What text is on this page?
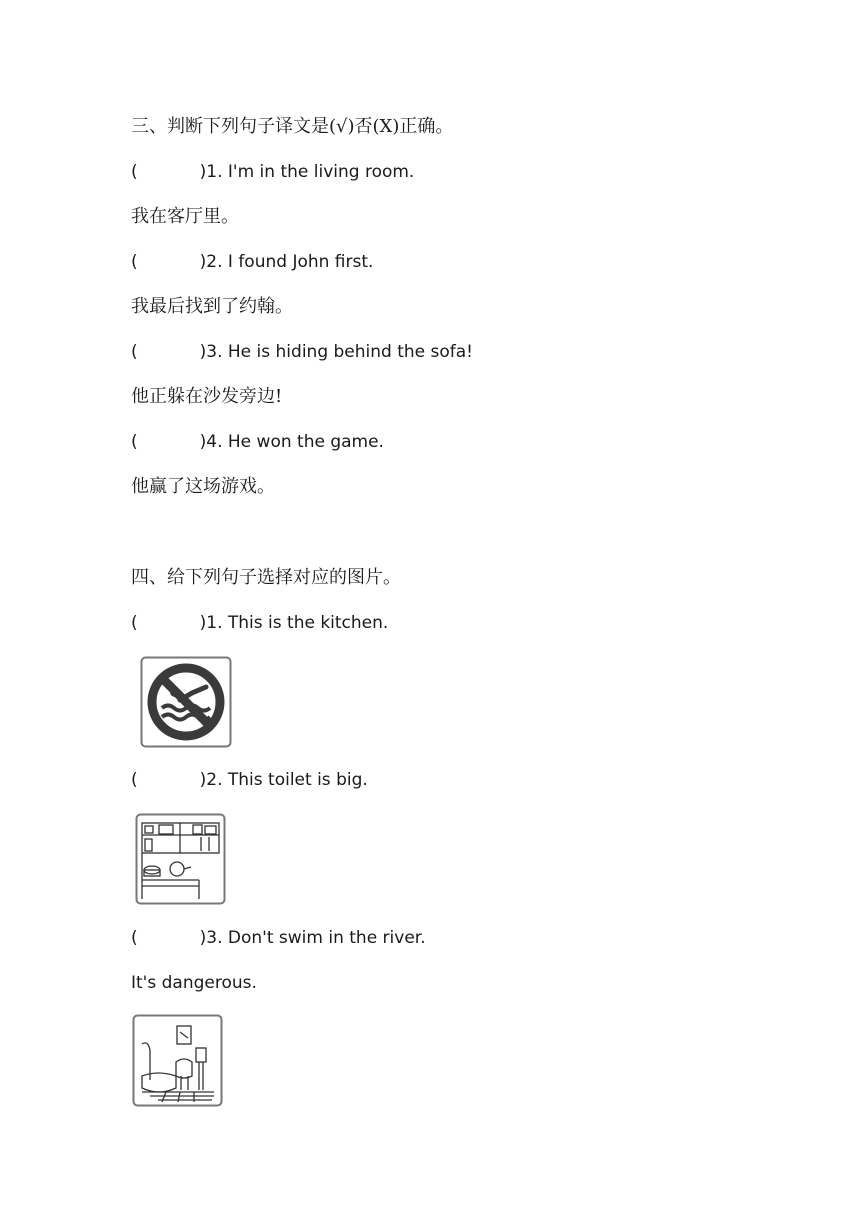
三、判断下列句子译文是(√)否(X)正确。
(	)1. I'm in the living room.
我在客厅里。
(	)2. I found John first.
我最后找到了约翰。
(	)3. He is hiding behind the sofa!
他正躲在沙发旁边!
(	)4. He won the game.
他赢了这场游戏。
四、给下列句子选择对应的图片。
(	)1. This is the kitchen.
(	)2. This toilet is big.
(	)3. Don't swim in the river.
It's dangerous.
